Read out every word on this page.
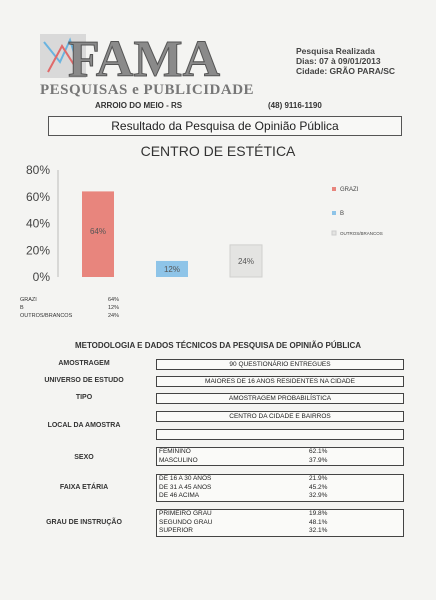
FAMA
PESQUISAS e PUBLICIDADE
ARROIO DO MEIO - RS	(48) 9116-1190
Pesquisa Realizada
Dias: 07 à 09/01/2013
Cidade: GRÃO PARA/SC
Resultado da Pesquisa de Opinião Pública
CENTRO DE ESTÉTICA
0%
20%
40%
60%
80%
64%
12%
24%
GRAZI
B
OUTROS/BRANCOS
GRAZI	64%
B	12%
OUTROS/BRANCOS	24%
METODOLOGIA E DADOS TÉCNICOS DA PESQUISA DE OPINIÃO PÚBLICA
AMOSTRAGEM	90 QUESTIONÁRIO ENTREGUES
UNIVERSO DE ESTUDO	MAIORES DE 16 ANOS RESIDENTES NA CIDADE
TIPO	AMOSTRAGEM PROBABILÍSTICA
LOCAL DA AMOSTRA
CENTRO DA CIDADE E BAIRROS
SEXO
FEMININO	62.1%
MASCULINO	37.9%
FAIXA ETÁRIA
DE 16 A 30 ANOS	21.9%
DE 31 A 45 ANOS	45.2%
DE 46 ACIMA	32.9%
GRAU DE INSTRUÇÃO
PRIMEIRO GRAU	19.8%
SEGUNDO GRAU	48.1%
SUPERIOR	32.1%
